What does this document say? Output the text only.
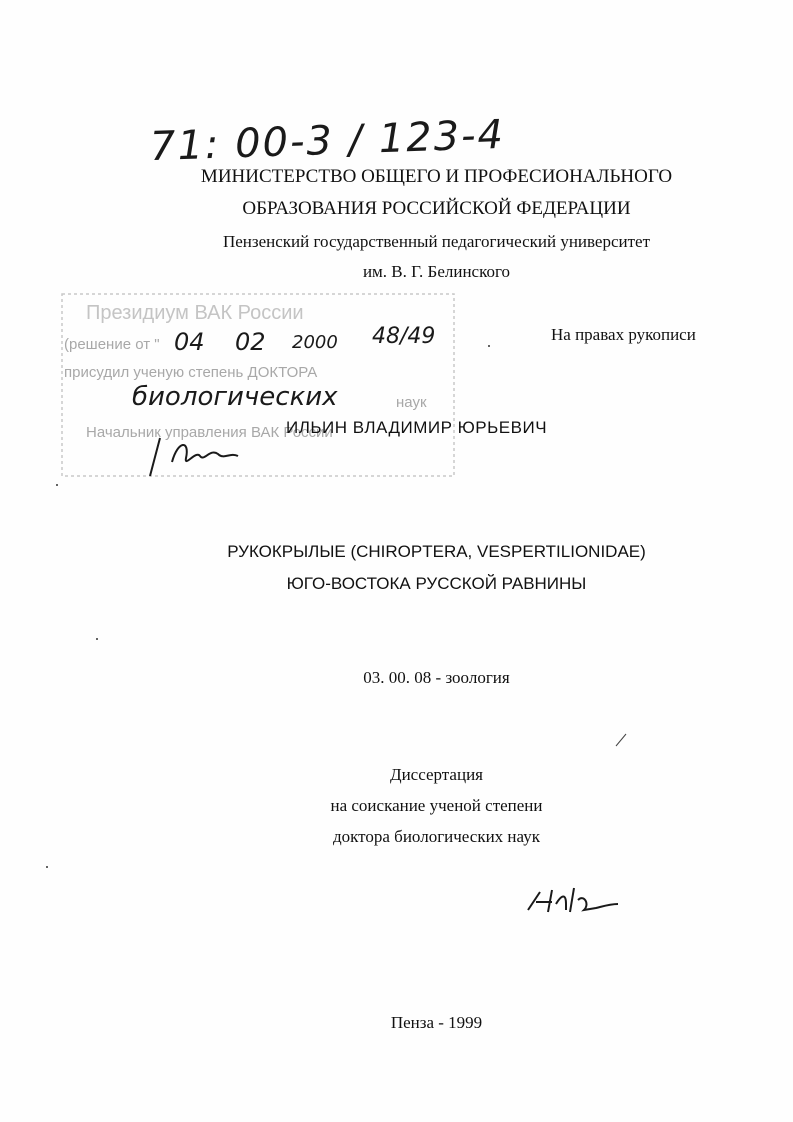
71: 00-3 / 123-4
МИНИСТЕРСТВО ОБЩЕГО И ПРОФЕСИОНАЛЬНОГО
ОБРАЗОВАНИЯ РОССИЙСКОЙ ФЕДЕРАЦИИ
Пензенский государственный педагогический университет
им. В. Г. Белинского
Президиум ВАК России
(решение от " 04 02 2000 48/49
присудил ученую степень ДОКТОРА
биологических	наук
Начальник управления ВАК России
На правах рукописи
ИЛЬИН ВЛАДИМИР ЮРЬЕВИЧ
РУКОКРЫЛЫЕ (CHIROPTERA, VESPERTILIONIDAE)
ЮГО-ВОСТОКА РУССКОЙ РАВНИНЫ
03. 00. 08 - зоология
Диссертация
на соискание ученой степени
доктора биологических наук
Пенза - 1999
